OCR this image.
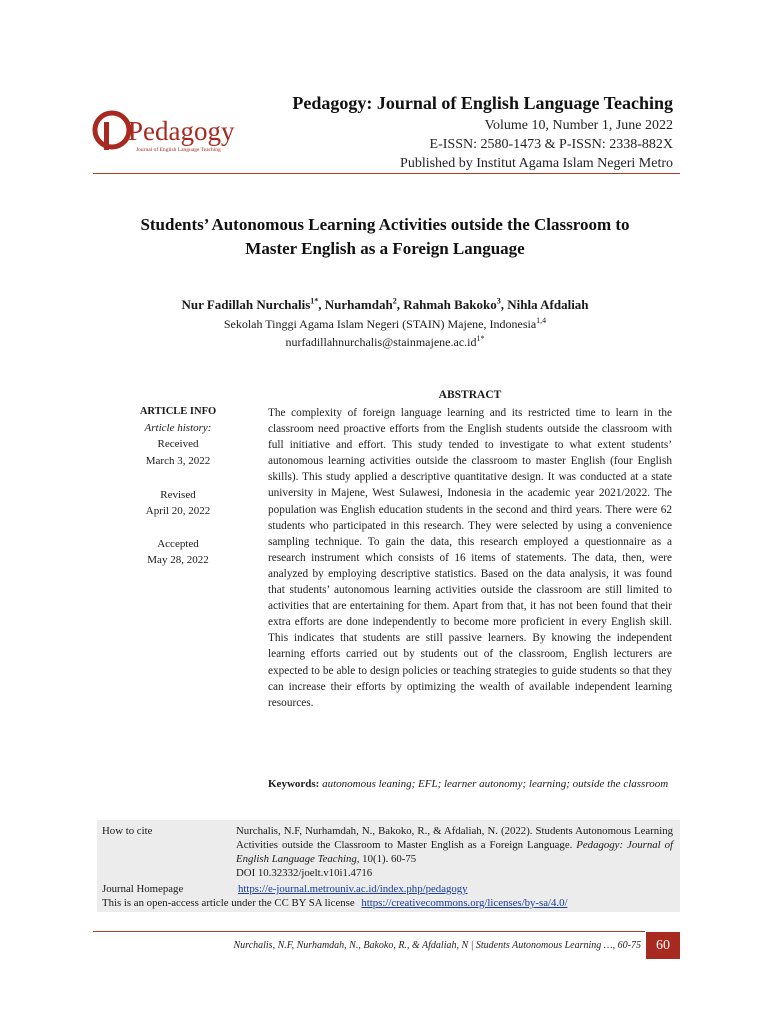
Pedagogy
Journal of English Language Teaching
Pedagogy: Journal of English Language Teaching
Volume 10, Number 1, June 2022
E-ISSN: 2580-1473 & P-ISSN: 2338-882X
Published by Institut Agama Islam Negeri Metro
Students’ Autonomous Learning Activities outside the Classroom to
Master English as a Foreign Language
Nur Fadillah Nurchalis$^{1*}$, Nurhamdah$^2$, Rahmah Bakoko$^3$, Nihla Afdaliah
Sekolah Tinggi Agama Islam Negeri (STAIN) Majene, Indonesia$^{1,4}$
$nurfadillahnurchalis@stainmajene.ac.id^{1*}$
ARTICLE INFO
Article history:
Received
March 3, 2022
Revised
April 20, 2022
Accepted
May 28, 2022
ABSTRACT
The complexity of foreign language learning and its restricted time to learn in the classroom need proactive efforts from the English students outside the classroom with full initiative and effort. This study tended to investigate to what extent students’ autonomous learning activities outside the classroom to master English (four English skills). This study applied a descriptive quantitative design. It was conducted at a state university in Majene, West Sulawesi, Indonesia in the academic year 2021/2022. The population was English education students in the second and third years. There were 62 students who participated in this research. They were selected by using a convenience sampling technique. To gain the data, this research employed a questionnaire as a research instrument which consists of 16 items of statements. The data, then, were analyzed by employing descriptive statistics. Based on the data analysis, it was found that students’ autonomous learning activities outside the classroom are still limited to activities that are entertaining for them. Apart from that, it has not been found that their extra efforts are done independently to become more proficient in every English skill. This indicates that students are still passive learners. By knowing the independent learning efforts carried out by students out of the classroom, English lecturers are expected to be able to design policies or teaching strategies to guide students so that they can increase their efforts by optimizing the wealth of available independent learning resources.
Keywords: autonomous leaning; EFL; learner autonomy; learning; outside the classroom
How to cite	Nurchalis, N.F, Nurhamdah, N., Bakoko, R., & Afdaliah, N. (2022). Students Autonomous Learning Activities outside the Classroom to Master English as a Foreign Language. Pedagogy: Journal of English Language Teaching, 10(1). 60-75
DOI 10.32332/joelt.v10i1.4716
Journal Homepage	https://e-journal.metrouniv.ac.id/index.php/pedagogy
This is an open-access article under the CC BY SA license https://creativecommons.org/licenses/by-sa/4.0/
Nurchalis, N.F, Nurhamdah, N., Bakoko, R., & Afdaliah, N | Students Autonomous Learning …, 60-75	60
